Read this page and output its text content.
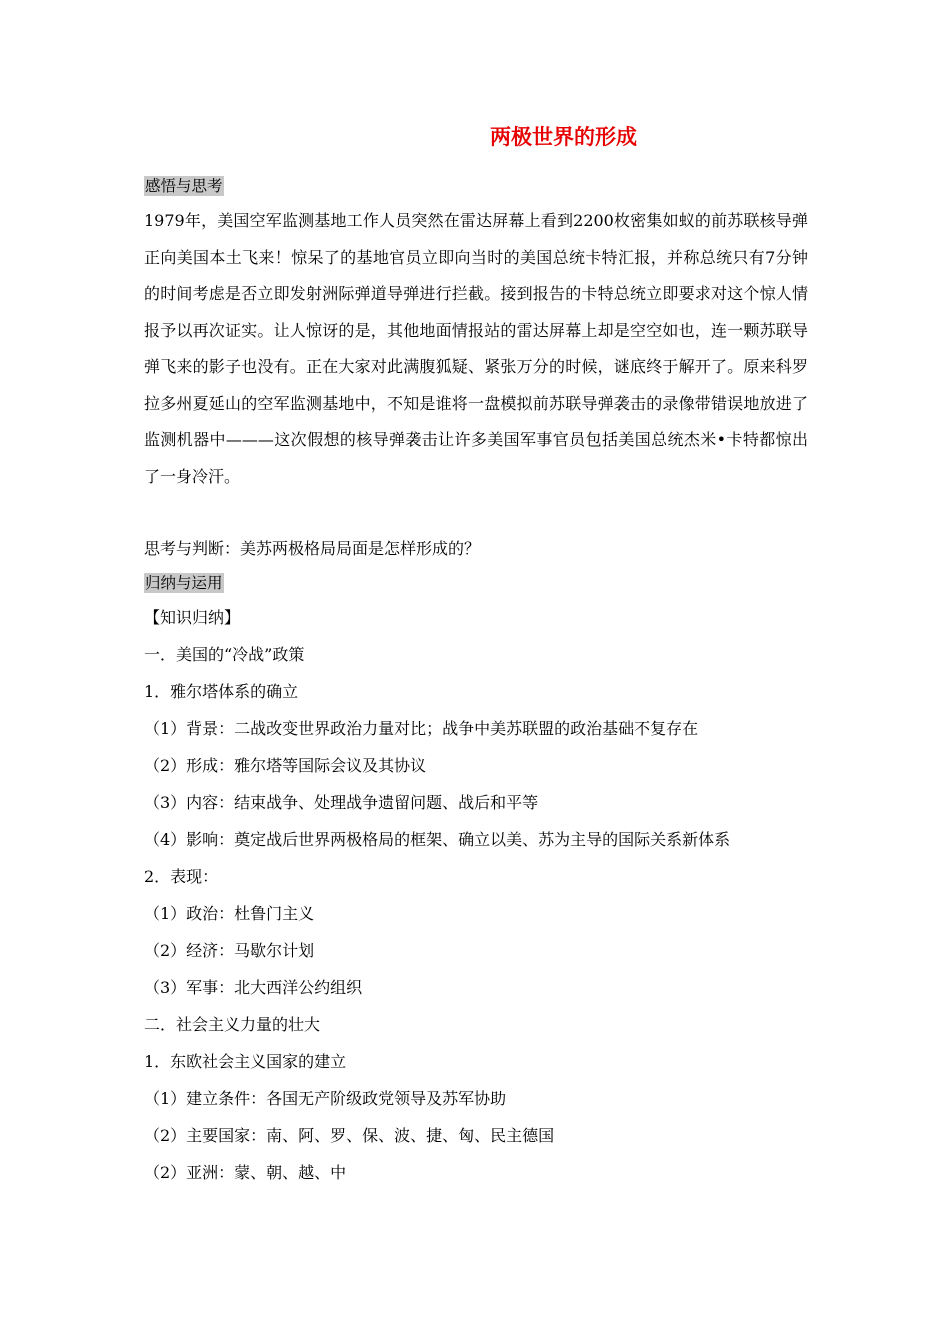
两极世界的形成
感悟与思考
1979年，美国空军监测基地工作人员突然在雷达屏幕上看到2200枚密集如蚁的前苏联核导弹正向美国本土飞来！惊呆了的基地官员立即向当时的美国总统卡特汇报，并称总统只有7分钟的时间考虑是否立即发射洲际弹道导弹进行拦截。接到报告的卡特总统立即要求对这个惊人情报予以再次证实。让人惊讶的是，其他地面情报站的雷达屏幕上却是空空如也，连一颗苏联导弹飞来的影子也没有。正在大家对此满腹狐疑、紧张万分的时候，谜底终于解开了。原来科罗拉多州夏延山的空军监测基地中，不知是谁将一盘模拟前苏联导弹袭击的录像带错误地放进了监测机器中———这次假想的核导弹袭击让许多美国军事官员包括美国总统杰米•卡特都惊出了一身冷汗。
思考与判断：美苏两极格局局面是怎样形成的？
归纳与运用
【知识归纳】
一．美国的“冷战”政策
1．雅尔塔体系的确立
（1）背景：二战改变世界政治力量对比；战争中美苏联盟的政治基础不复存在
（2）形成：雅尔塔等国际会议及其协议
（3）内容：结束战争、处理战争遗留问题、战后和平等
（4）影响：奠定战后世界两极格局的框架、确立以美、苏为主导的国际关系新体系
2．表现：
（1）政治：杜鲁门主义
（2）经济：马歇尔计划
（3）军事：北大西洋公约组织
二．社会主义力量的壮大
1．东欧社会主义国家的建立
（1）建立条件：各国无产阶级政党领导及苏军协助
（2）主要国家：南、阿、罗、保、波、捷、匈、民主德国
（2）亚洲：蒙、朝、越、中
